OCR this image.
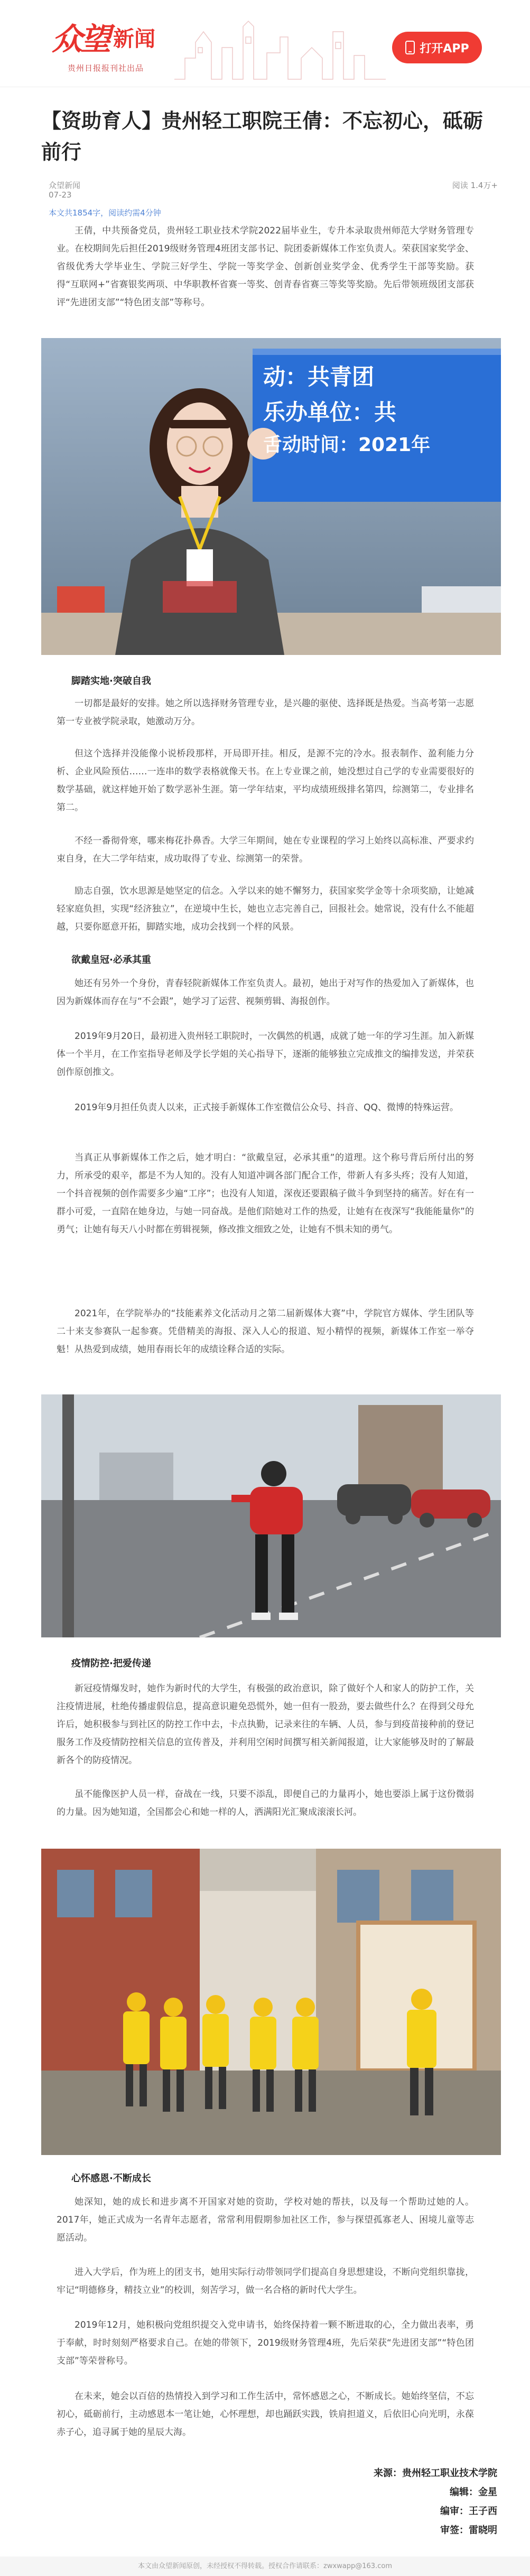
众望 新闻
贵州日报报刊社出品
打开APP
【资助育人】贵州轻工职院王倩：不忘初心，砥砺前行
众望新闻
07-23
阅读 1.4万+
本文共1854字，阅读约需4分钟

王倩，中共预备党员，贵州轻工职业技术学院2022届毕业生，专升本录取贵州师范大学财务管理专业。在校期间先后担任2019级财务管理4班团支部书记、院团委新媒体工作室负责人。荣获国家奖学金、省级优秀大学毕业生、学院三好学生、学院一等奖学金、创新创业奖学金、优秀学生干部等奖励。获得“互联网+”省赛银奖两项、中华职教杯省赛一等奖、创青春省赛三等奖等奖励。先后带领班级团支部获评“先进团支部”“特色团支部”等称号。

动：共青团
乐办单位：共
舌动时间：2021年
脚踏实地·突破自我

一切都是最好的安排。她之所以选择财务管理专业，是兴趣的驱使、选择既是热爱。当高考第一志愿第一专业被学院录取，她激动万分。

但这个选择并没能像小说桥段那样，开局即开挂。相反，是源不完的冷水。报表制作、盈利能力分析、企业风险预估……一连串的数学表格就像天书。在上专业课之前，她没想过自己学的专业需要很好的数学基础，就这样她开始了数学恶补生涯。第一学年结束，平均成绩班级排名第四，综测第二，专业排名第二。

不经一番彻骨寒，哪来梅花扑鼻香。大学三年期间，她在专业课程的学习上始终以高标准、严要求约束自身，在大二学年结束，成功取得了专业、综测第一的荣誉。

励志自强，饮水思源是她坚定的信念。入学以来的她不懈努力，获国家奖学金等十余项奖励，让她减轻家庭负担，实现“经济独立”，在逆境中生长，她也立志完善自己，回报社会。她常说，没有什么不能超越，只要你愿意开拓，脚踏实地，成功会找到一个样的风景。

欲戴皇冠·必承其重

她还有另外一个身份，青春轻院新媒体工作室负责人。最初，她出于对写作的热爱加入了新媒体，也因为新媒体而存在与“不会跟”，她学习了运营、视频剪辑、海报创作。

2019年9月20日，最初进入贵州轻工职院时，一次偶然的机遇，成就了她一年的学习生涯。加入新媒体一个半月，在工作室指导老师及学长学姐的关心指导下，逐渐的能够独立完成推文的编排发送，并荣获创作原创推文。

2019年9月担任负责人以来，正式接手新媒体工作室微信公众号、抖音、QQ、微博的特殊运营。

当真正从事新媒体工作之后，她才明白：“欲戴皇冠，必承其重”的道理。这个称号背后所付出的努力，所承受的艰辛，都是不为人知的。没有人知道冲调各部门配合工作，带新人有多头疼；没有人知道，一个抖音视频的创作需要多少遍“工序”；也没有人知道，深夜还要跟稿子做斗争到坚持的痛苦。好在有一群小可爱，一直陪在她身边，与她一同奋战。是他们陪她对工作的热爱，让她有在夜深写“我能能量你”的勇气；让她有每天八小时都在剪辑视频，修改推文细致之处，让她有不惧未知的勇气。

2021年，在学院举办的“技能素养文化活动月之第二届新媒体大赛”中，学院官方媒体、学生团队等二十来支参赛队一起参赛。凭借精美的海报、深入人心的报道、短小精悍的视频，新媒体工作室一举夺魁！从热爱到成绩，她用春雨长年的成绩诠释合适的实际。

疫情防控·把爱传递

新冠疫情爆发时，她作为新时代的大学生，有极强的政治意识，除了做好个人和家人的防护工作，关注疫情进展，杜绝传播虚假信息，提高意识避免恐慌外，她一但有一股劲，要去做些什么？在得到父母允许后，她积极参与到社区的防控工作中去，卡点执勤，记录来往的车辆、人员，参与到疫苗接种前的登记服务工作及疫情防控相关信息的宣传普及，并利用空闲时间撰写相关新闻报道，让大家能够及时的了解最新各个的防疫情况。

虽不能像医护人员一样，奋战在一线，只要不添乱，即便自己的力量再小，她也要添上属于这份微弱的力量。因为她知道，全国都会心和她一样的人，洒满阳光汇聚成滚滚长河。

心怀感恩·不断成长

她深知，她的成长和进步离不开国家对她的资助，学校对她的帮扶，以及每一个帮助过她的人。2017年，她正式成为一名青年志愿者，常常利用假期参加社区工作，参与探望孤寡老人、困境儿童等志愿活动。

进入大学后，作为班上的团支书，她用实际行动带领同学们提高自身思想建设，不断向党组织靠拢，牢记“明德修身，精技立业”的校训，刻苦学习，做一名合格的新时代大学生。

2019年12月，她积极向党组织提交入党申请书，始终保持着一颗不断进取的心，全力做出表率，勇于奉献，时时刻刻严格要求自己。在她的带领下，2019级财务管理4班，先后荣获“先进团支部”“特色团支部”等荣誉称号。

在未来，她会以百倍的热情投入到学习和工作生活中，常怀感恩之心，不断成长。她始终坚信，不忘初心，砥砺前行，主动感恩本一笔让她，心怀理想，却也踊跃实践，铁肩担道义，后依旧心向光明，永葆赤子心，追寻属于她的星辰大海。

来源：贵州轻工职业技术学院
编辑：金星
编审：王子西
审签：雷晓明
本文由众望新闻原创，未经授权不得转载。授权合作请联系：zwxwapp@163.com
